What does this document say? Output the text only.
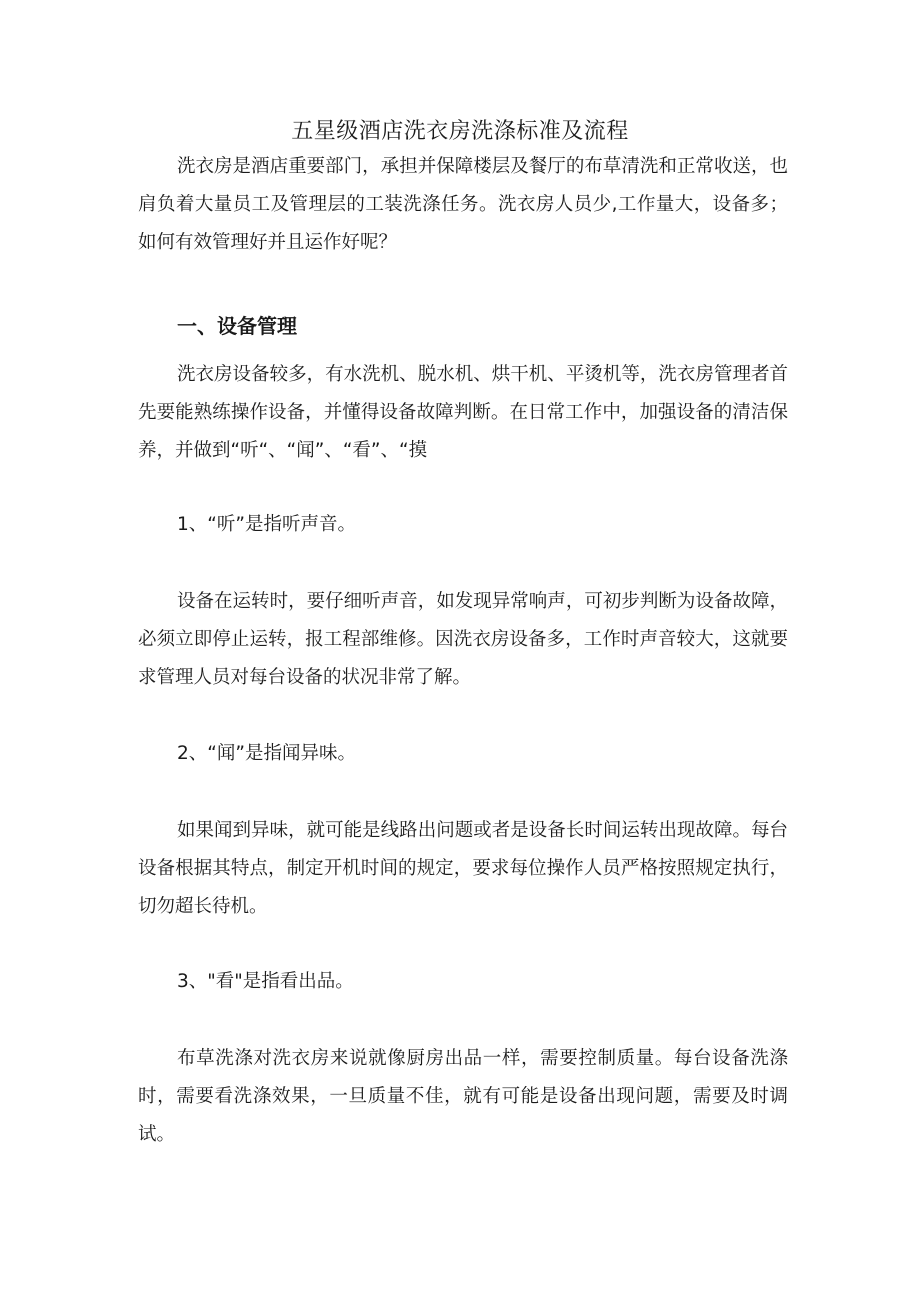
五星级酒店洗衣房洗涤标准及流程

洗衣房是酒店重要部门，承担并保障楼层及餐厅的布草清洗和正常收送，也肩负着大量员工及管理层的工装洗涤任务。洗衣房人员少,工作量大，设备多；如何有效管理好并且运作好呢？

一、设备管理

洗衣房设备较多，有水洗机、脱水机、烘干机、平烫机等，洗衣房管理者首先要能熟练操作设备，并懂得设备故障判断。在日常工作中，加强设备的清洁保养，并做到“听“、“闻”、“看”、“摸

1、“听”是指听声音。

设备在运转时，要仔细听声音，如发现异常响声，可初步判断为设备故障，必须立即停止运转，报工程部维修。因洗衣房设备多，工作时声音较大，这就要求管理人员对每台设备的状况非常了解。

2、“闻”是指闻异味。

如果闻到异味，就可能是线路出问题或者是设备长时间运转出现故障。每台设备根据其特点，制定开机时间的规定，要求每位操作人员严格按照规定执行，切勿超长待机。

3、"看"是指看出品。

布草洗涤对洗衣房来说就像厨房出品一样，需要控制质量。每台设备洗涤时，需要看洗涤效果，一旦质量不佳，就有可能是设备出现问题，需要及时调试。
